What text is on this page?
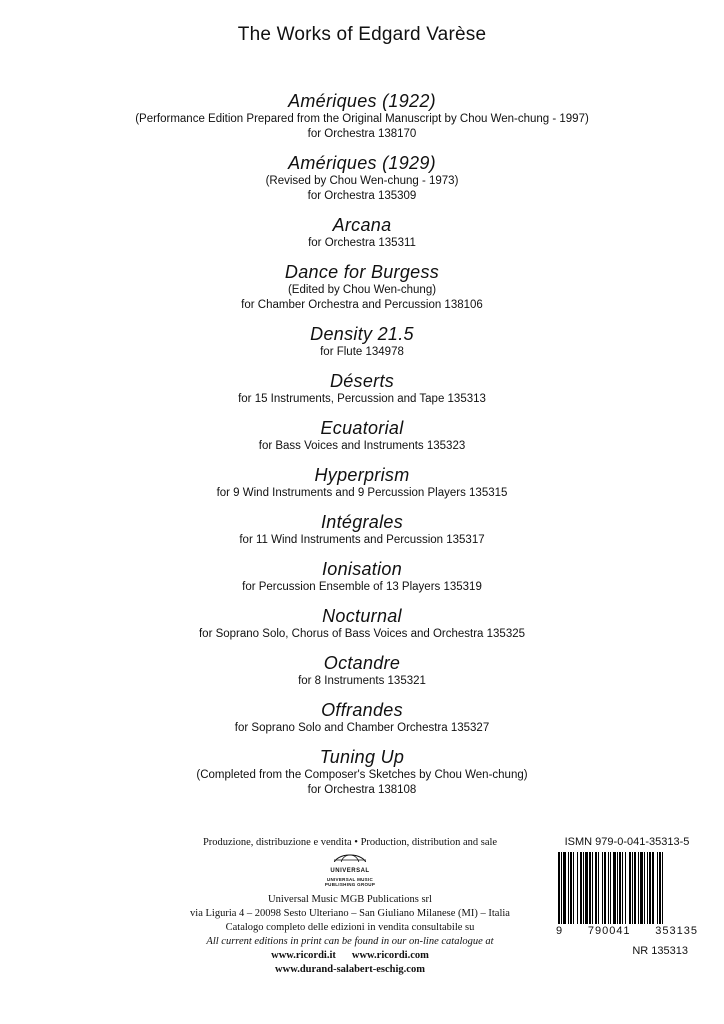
The Works of Edgard Varèse
Amériques (1922)
(Performance Edition Prepared from the Original Manuscript by Chou Wen-chung - 1997)
for Orchestra 138170
Amériques (1929)
(Revised by Chou Wen-chung - 1973)
for Orchestra 135309
Arcana
for Orchestra 135311
Dance for Burgess
(Edited by Chou Wen-chung)
for Chamber Orchestra and Percussion 138106
Density 21.5
for Flute 134978
Déserts
for 15 Instruments, Percussion and Tape 135313
Ecuatorial
for Bass Voices and Instruments 135323
Hyperprism
for 9 Wind Instruments and 9 Percussion Players 135315
Intégrales
for 11 Wind Instruments and Percussion 135317
Ionisation
for Percussion Ensemble of 13 Players 135319
Nocturnal
for Soprano Solo, Chorus of Bass Voices and Orchestra 135325
Octandre
for 8 Instruments 135321
Offrandes
for Soprano Solo and Chamber Orchestra 135327
Tuning Up
(Completed from the Composer's Sketches by Chou Wen-chung)
for Orchestra 138108
Produzione, distribuzione e vendita • Production, distribution and sale
UNIVERSAL
UNIVERSAL MUSIC
PUBLISHING GROUP
Universal Music MGB Publications srl
via Liguria 4 – 20098 Sesto Ulteriano – San Giuliano Milanese (MI) – Italia
Catalogo completo delle edizioni in vendita consultabile su
All current editions in print can be found in our on-line catalogue at
www.ricordi.it www.ricordi.com
www.durand-salabert-eschig.com
ISMN 979-0-041-35313-5
9 790041 353135
NR 135313
